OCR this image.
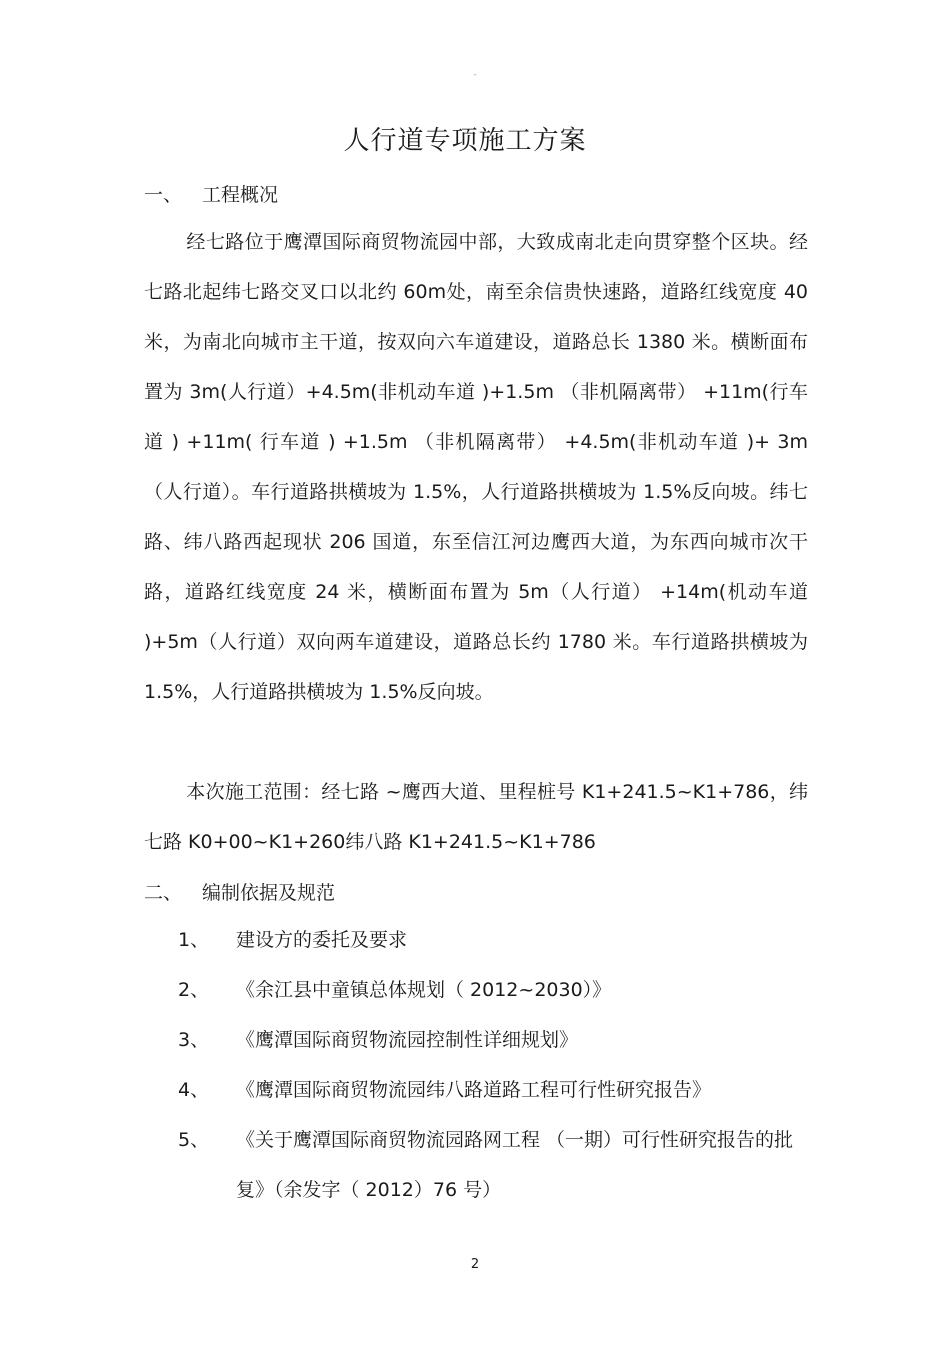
-
人行道专项施工方案
一、 工程概况

经七路位于鹰潭国际商贸物流园中部，大致成南北走向贯穿整个区块。经七路北起纬七路交叉口以北约 60m处，南至余信贵快速路，道路红线宽度 40 米，为南北向城市主干道，按双向六车道建设，道路总长 1380 米。横断面布置为 3m(人行道）+4.5m(非机动车道 )+1.5m （非机隔离带） +11m(行车道 ) +11m( 行车道 ) +1.5m （非机隔离带） +4.5m(非机动车道 )+ 3m（人行道）。车行道路拱横坡为 1.5%，人行道路拱横坡为 1.5%反向坡。纬七路、纬八路西起现状 206 国道，东至信江河边鹰西大道，为东西向城市次干路，道路红线宽度 24 米，横断面布置为 5m（人行道） +14m(机动车道 )+5m（人行道）双向两车道建设，道路总长约 1780 米。车行道路拱横坡为 1.5%，人行道路拱横坡为 1.5%反向坡。

本次施工范围：经七路 ~鹰西大道、里程桩号 K1+241.5~K1+786，纬七路 K0+00~K1+260纬八路 K1+241.5~K1+786

二、 编制依据及规范
1、 建设方的委托及要求
2、 《余江县中童镇总体规划（ 2012~2030）》
3、 《鹰潭国际商贸物流园控制性详细规划》
4、 《鹰潭国际商贸物流园纬八路道路工程可行性研究报告》
5、 《关于鹰潭国际商贸物流园路网工程 （一期）可行性研究报告的批复》（余发字（ 2012）76 号）
2
